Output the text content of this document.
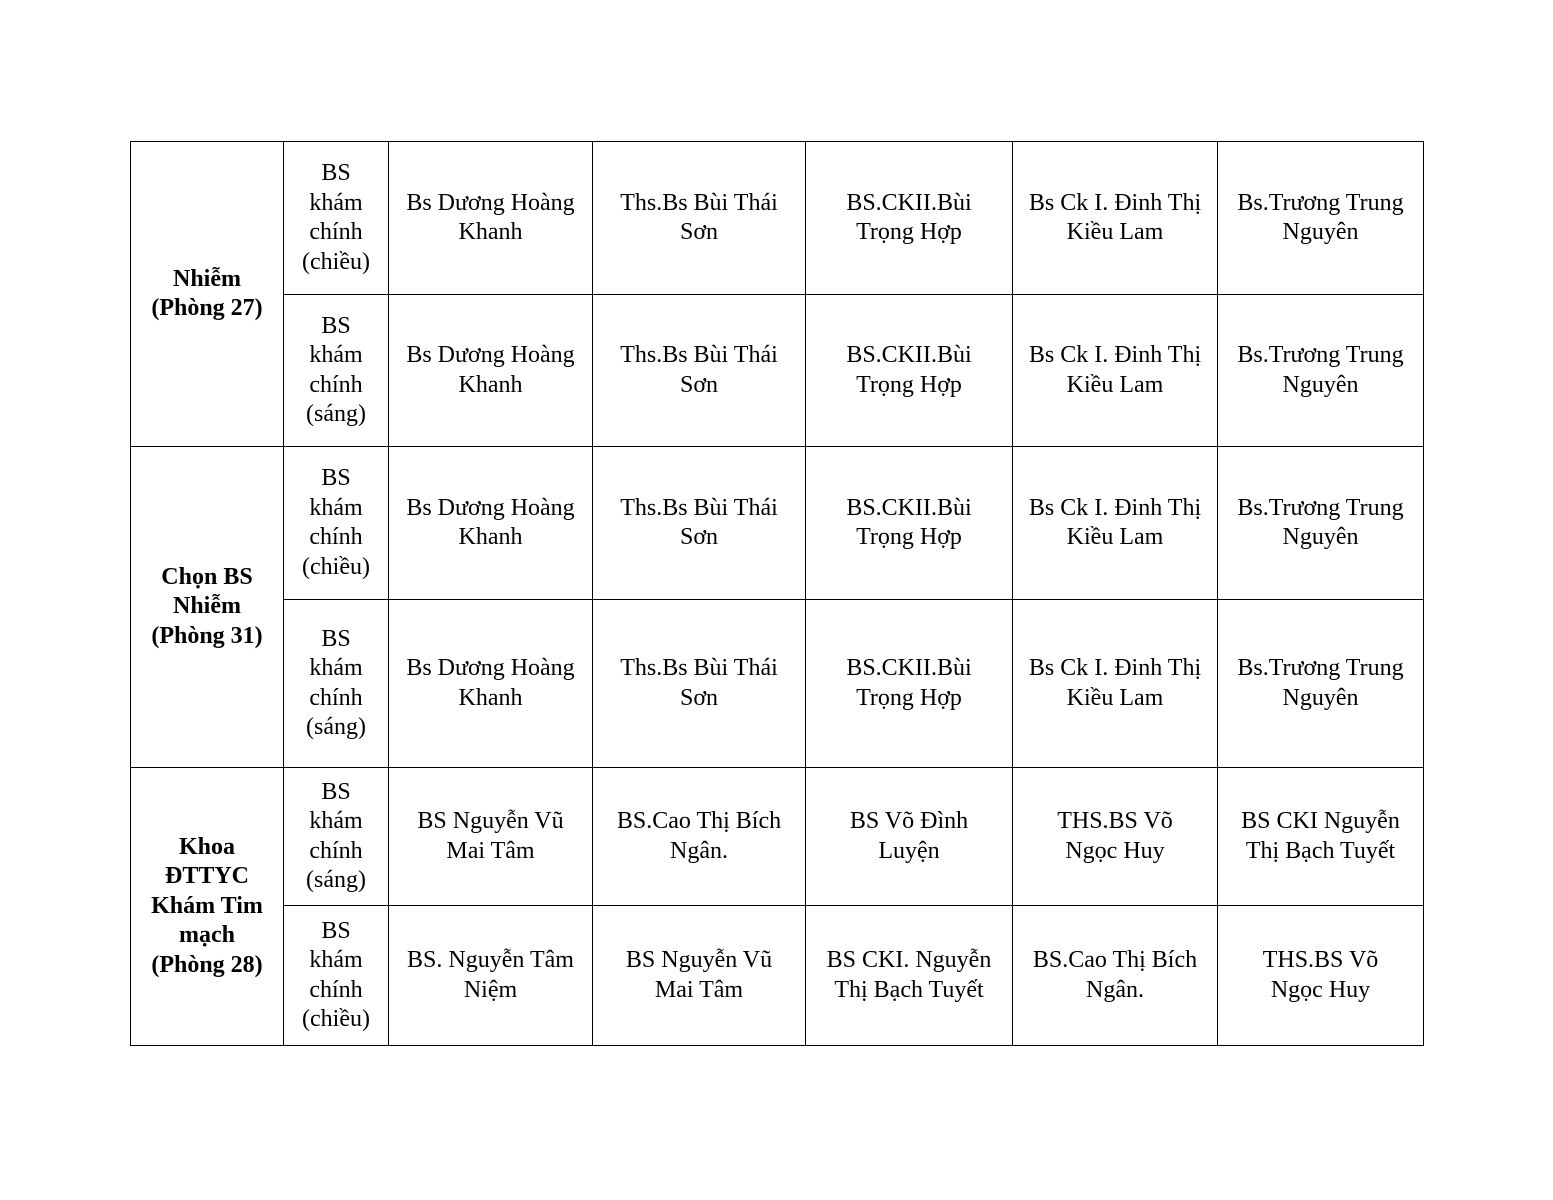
Nhiễm
(Phòng 27)	BS
khám
chính
(chiều)	Bs Dương Hoàng
Khanh	Ths.Bs Bùi Thái
Sơn	BS.CKII.Bùi
Trọng Hợp	Bs Ck I. Đinh Thị
Kiều Lam	Bs.Trương Trung
Nguyên

	BS
khám
chính
(sáng)	Bs Dương Hoàng
Khanh	Ths.Bs Bùi Thái
Sơn	BS.CKII.Bùi
Trọng Hợp	Bs Ck I. Đinh Thị
Kiều Lam	Bs.Trương Trung
Nguyên

Chọn BS
Nhiễm
(Phòng 31)	BS
khám
chính
(chiều)	Bs Dương Hoàng
Khanh	Ths.Bs Bùi Thái
Sơn	BS.CKII.Bùi
Trọng Hợp	Bs Ck I. Đinh Thị
Kiều Lam	Bs.Trương Trung
Nguyên

	BS
khám
chính
(sáng)	Bs Dương Hoàng
Khanh	Ths.Bs Bùi Thái
Sơn	BS.CKII.Bùi
Trọng Hợp	Bs Ck I. Đinh Thị
Kiều Lam	Bs.Trương Trung
Nguyên

Khoa
ĐTTYC
Khám Tim
mạch
(Phòng 28)	BS
khám
chính
(sáng)	BS Nguyễn Vũ
Mai Tâm	BS.Cao Thị Bích
Ngân.	BS Võ Đình
Luyện	THS.BS Võ
Ngọc Huy	BS CKI Nguyễn
Thị Bạch Tuyết

	BS
khám
chính
(chiều)	BS. Nguyễn Tâm
Niệm	BS Nguyễn Vũ
Mai Tâm	BS CKI. Nguyễn
Thị Bạch Tuyết	BS.Cao Thị Bích
Ngân.	THS.BS Võ
Ngọc Huy
